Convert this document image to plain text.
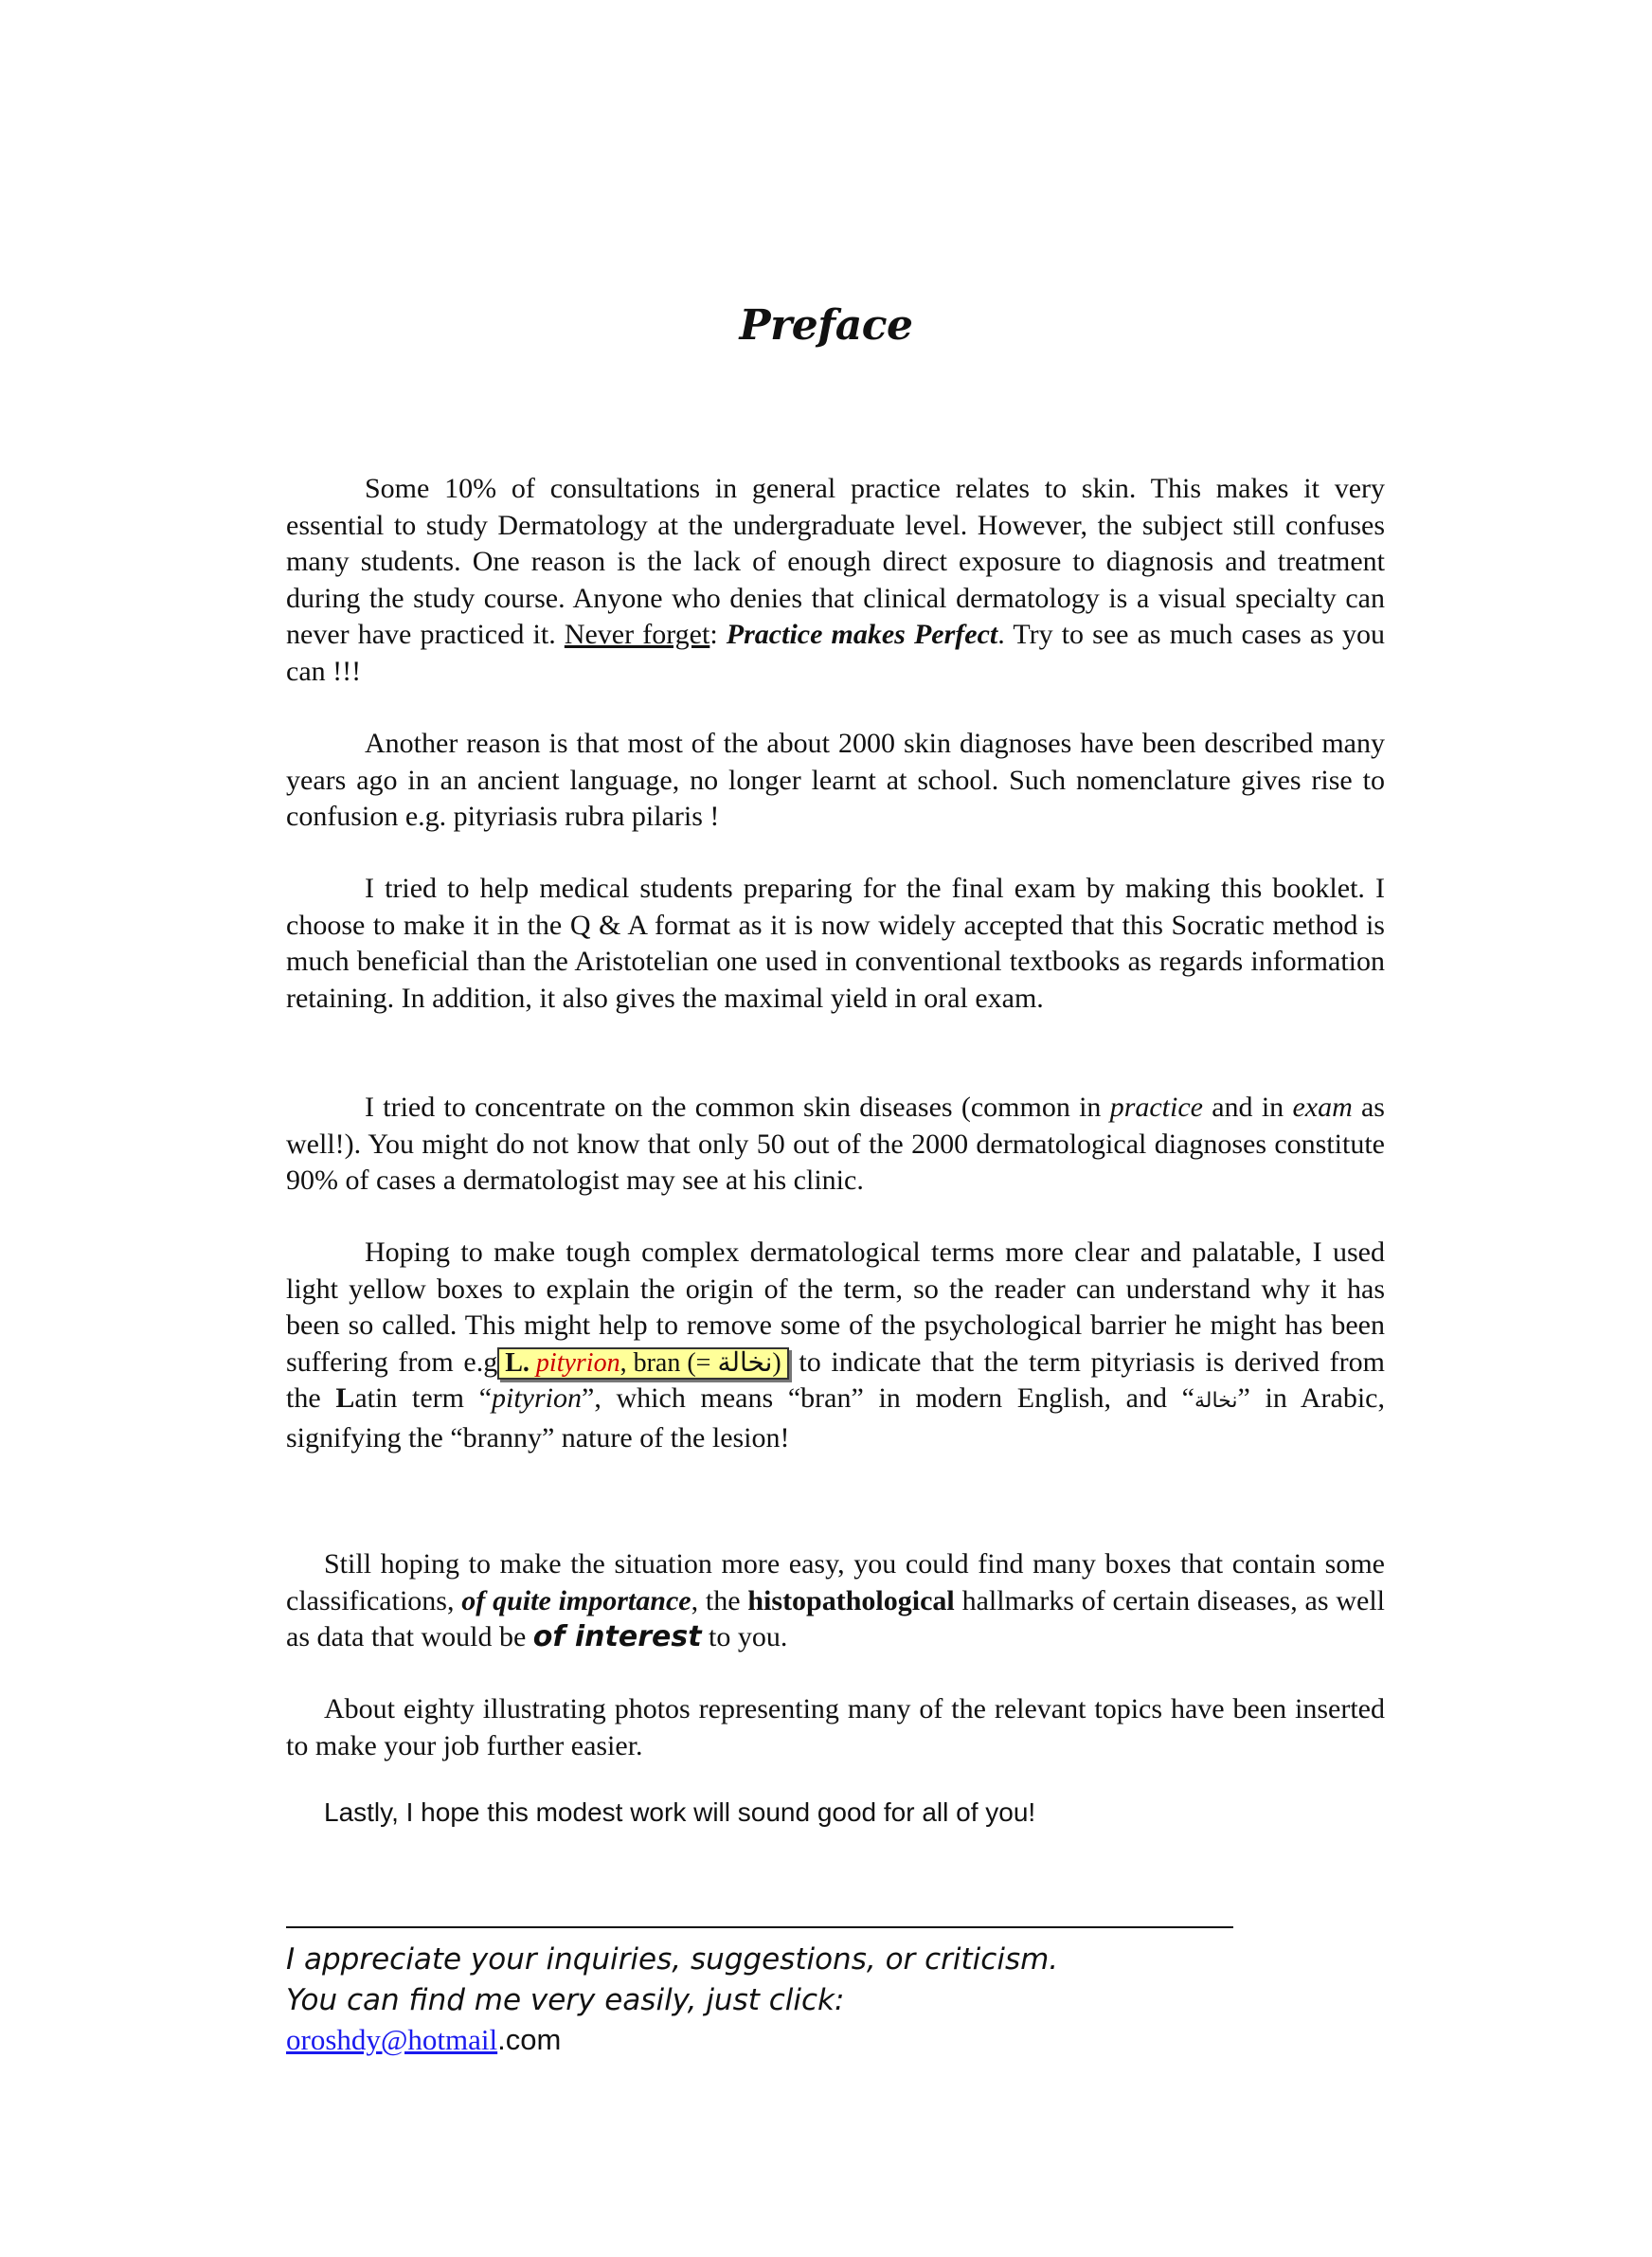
Preface

Some 10% of consultations in general practice relates to skin. This makes it very essential to study Dermatology at the undergraduate level. However, the subject still confuses many students. One reason is the lack of enough direct exposure to diagnosis and treatment during the study course. Anyone who denies that clinical dermatology is a visual specialty can never have practiced it. Never forget: Practice makes Perfect. Try to see as much cases as you can !!!

Another reason is that most of the about 2000 skin diagnoses have been described many years ago in an ancient language, no longer learnt at school. Such nomenclature gives rise to confusion e.g. pityriasis rubra pilaris !

I tried to help medical students preparing for the final exam by making this booklet. I choose to make it in the Q & A format as it is now widely accepted that this Socratic method is much beneficial than the Aristotelian one used in conventional textbooks as regards information retaining. In addition, it also gives the maximal yield in oral exam.

I tried to concentrate on the common skin diseases (common in practice and in exam as well!). You might do not know that only 50 out of the 2000 dermatological diagnoses constitute 90% of cases a dermatologist may see at his clinic.

Hoping to make tough complex dermatological terms more clear and palatable, I used light yellow boxes to explain the origin of the term, so the reader can understand why it has been so called. This might help to remove some of the psychological barrier he might has been suffering from e.g L. pityrion, bran (= نخالة) to indicate that the term pityriasis is derived from the Latin term “pityrion”, which means “bran” in modern English, and “نخالة” in Arabic, signifying the “branny” nature of the lesion!

Still hoping to make the situation more easy, you could find many boxes that contain some classifications, of quite importance, the histopathological hallmarks of certain diseases, as well as data that would be of interest to you.

About eighty illustrating photos representing many of the relevant topics have been inserted to make your job further easier.

Lastly, I hope this modest work will sound good for all of you!
I appreciate your inquiries, suggestions, or criticism.
You can find me very easily, just click:
oroshdy@hotmail.com
